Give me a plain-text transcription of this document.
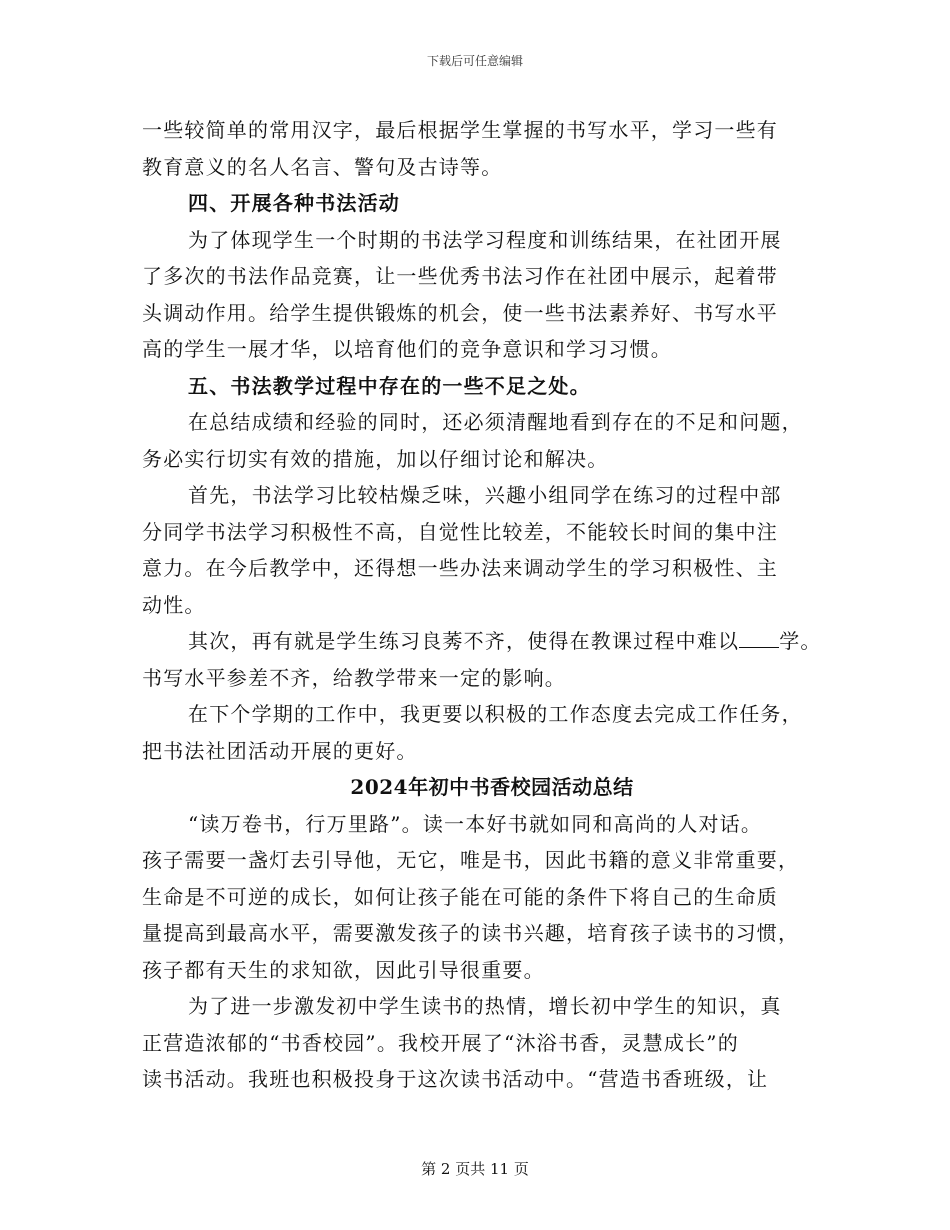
下载后可任意编辑
一些较简单的常用汉字，最后根据学生掌握的书写水平，学习一些有
教育意义的名人名言、警句及古诗等。
四、开展各种书法活动
为了体现学生一个时期的书法学习程度和训练结果，在社团开展
了多次的书法作品竞赛，让一些优秀书法习作在社团中展示，起着带
头调动作用。给学生提供锻炼的机会，使一些书法素养好、书写水平
高的学生一展才华，以培育他们的竞争意识和学习习惯。
五、书法教学过程中存在的一些不足之处。
在总结成绩和经验的同时，还必须清醒地看到存在的不足和问题，
务必实行切实有效的措施，加以仔细讨论和解决。
首先，书法学习比较枯燥乏味，兴趣小组同学在练习的过程中部
分同学书法学习积极性不高，自觉性比较差，不能较长时间的集中注
意力。在今后教学中，还得想一些办法来调动学生的学习积极性、主
动性。
其次，再有就是学生练习良莠不齐，使得在教课过程中难以 学。
书写水平参差不齐，给教学带来一定的影响。
在下个学期的工作中，我更要以积极的工作态度去完成工作任务，
把书法社团活动开展的更好。
2024年初中书香校园活动总结
“读万卷书，行万里路”。读一本好书就如同和高尚的人对话。
孩子需要一盏灯去引导他，无它，唯是书，因此书籍的意义非常重要，
生命是不可逆的成长，如何让孩子能在可能的条件下将自己的生命质
量提高到最高水平，需要激发孩子的读书兴趣，培育孩子读书的习惯，
孩子都有天生的求知欲，因此引导很重要。
为了进一步激发初中学生读书的热情，增长初中学生的知识，真
正营造浓郁的“书香校园”。我校开展了“沐浴书香，灵慧成长”的
读书活动。我班也积极投身于这次读书活动中。“营造书香班级，让
第 2 页共 11 页
